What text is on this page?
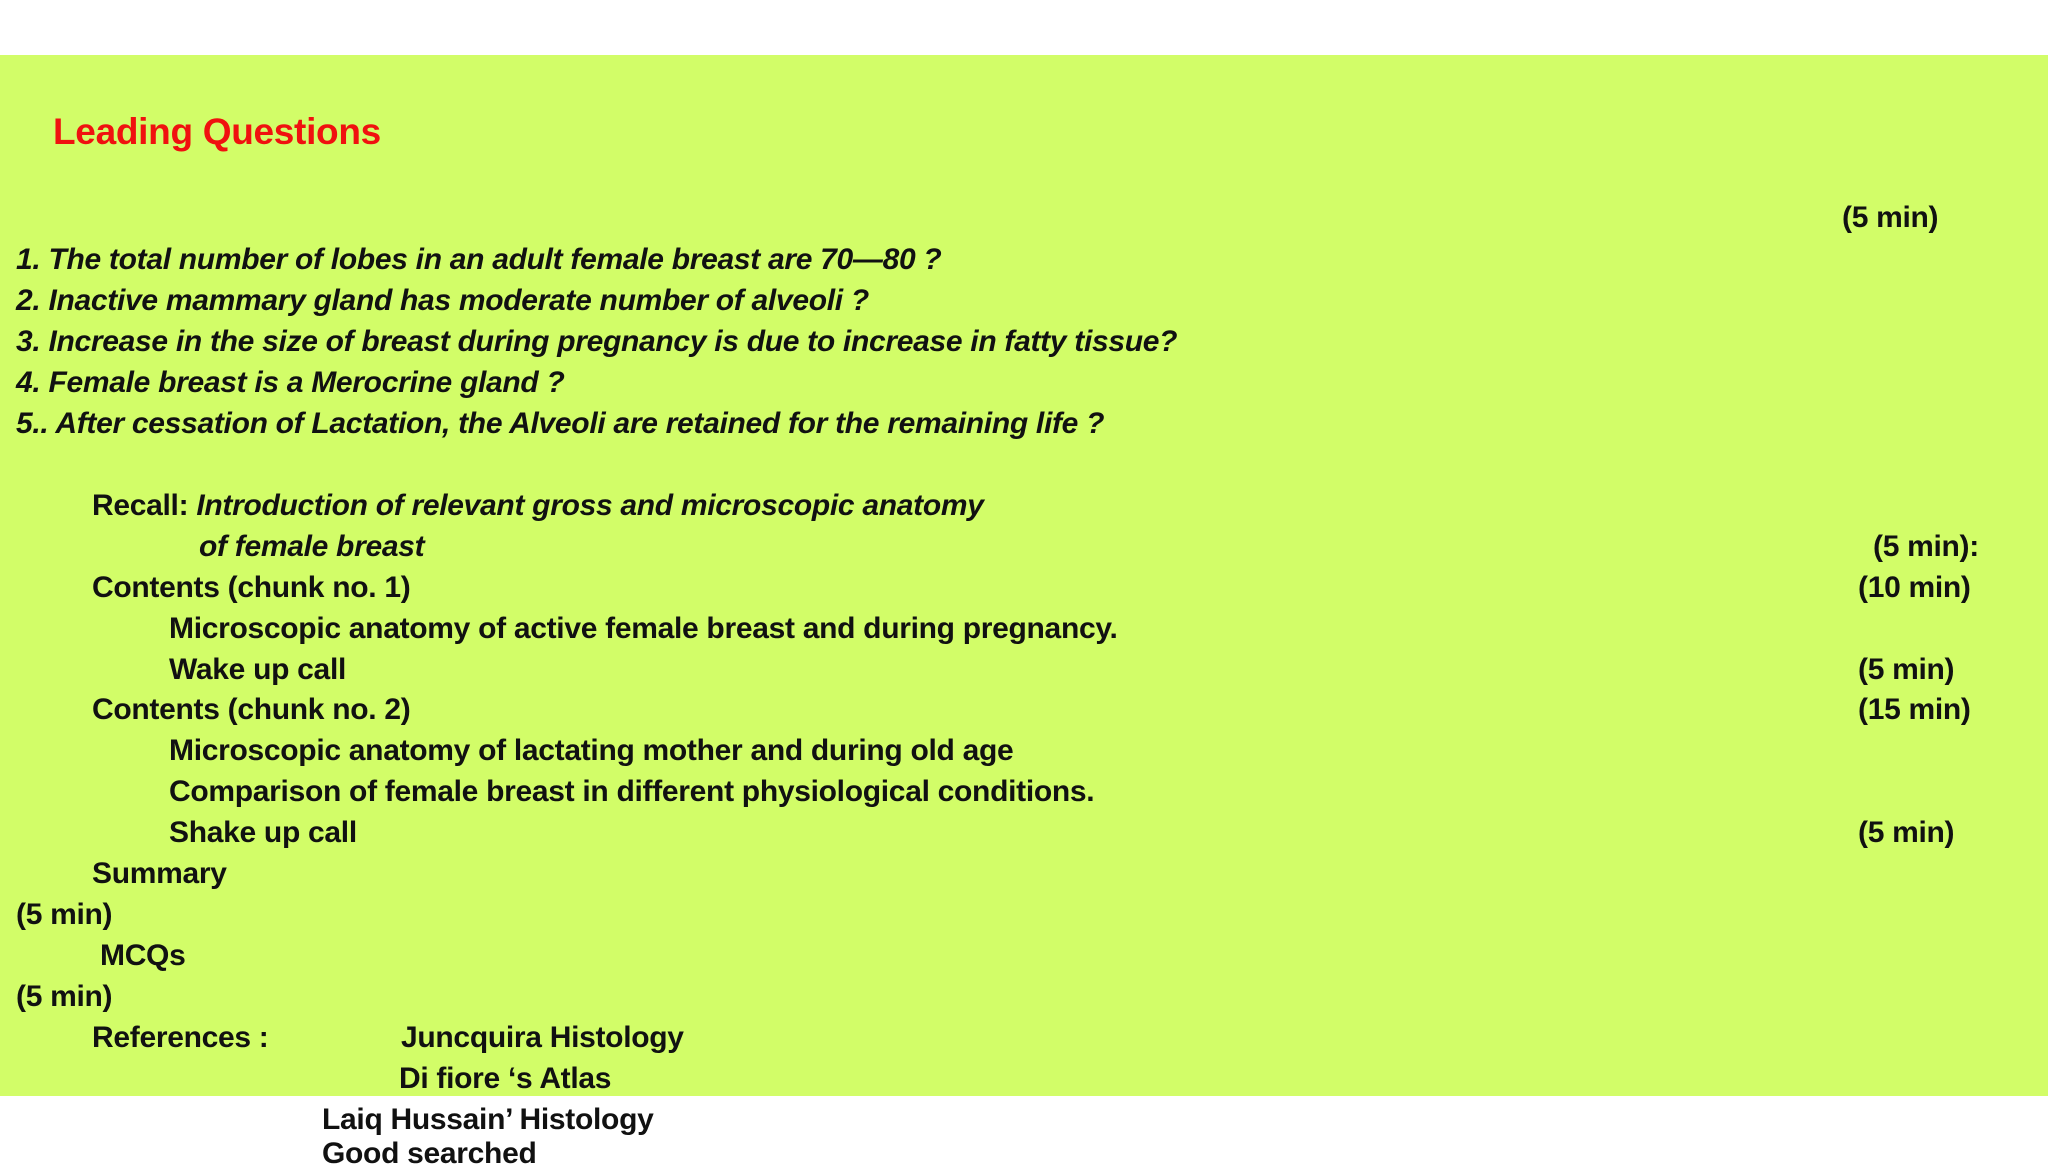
Leading Questions
(5 min)
1. The total number of lobes in an adult female breast are 70—80 ?
2. Inactive mammary gland has moderate number of alveoli ?
3. Increase in the size of breast during pregnancy is due to increase in fatty tissue?
4. Female breast is a Merocrine gland ?
5.. After cessation of Lactation, the Alveoli are retained for the remaining life ?
Recall: Introduction of relevant gross and microscopic anatomy
of female breast	(5 min):
Contents (chunk no. 1)	(10 min)
Microscopic anatomy of active female breast and during pregnancy.
Wake up call	(5 min)
Contents (chunk no. 2)	(15 min)
Microscopic anatomy of lactating mother and during old age
Comparison of female breast in different physiological conditions.
Shake up call	(5 min)
Summary
(5 min)
MCQs
(5 min)
References :	Juncquira Histology
Di fiore ‘s Atlas
Laiq Hussain’ Histology
Good searched
